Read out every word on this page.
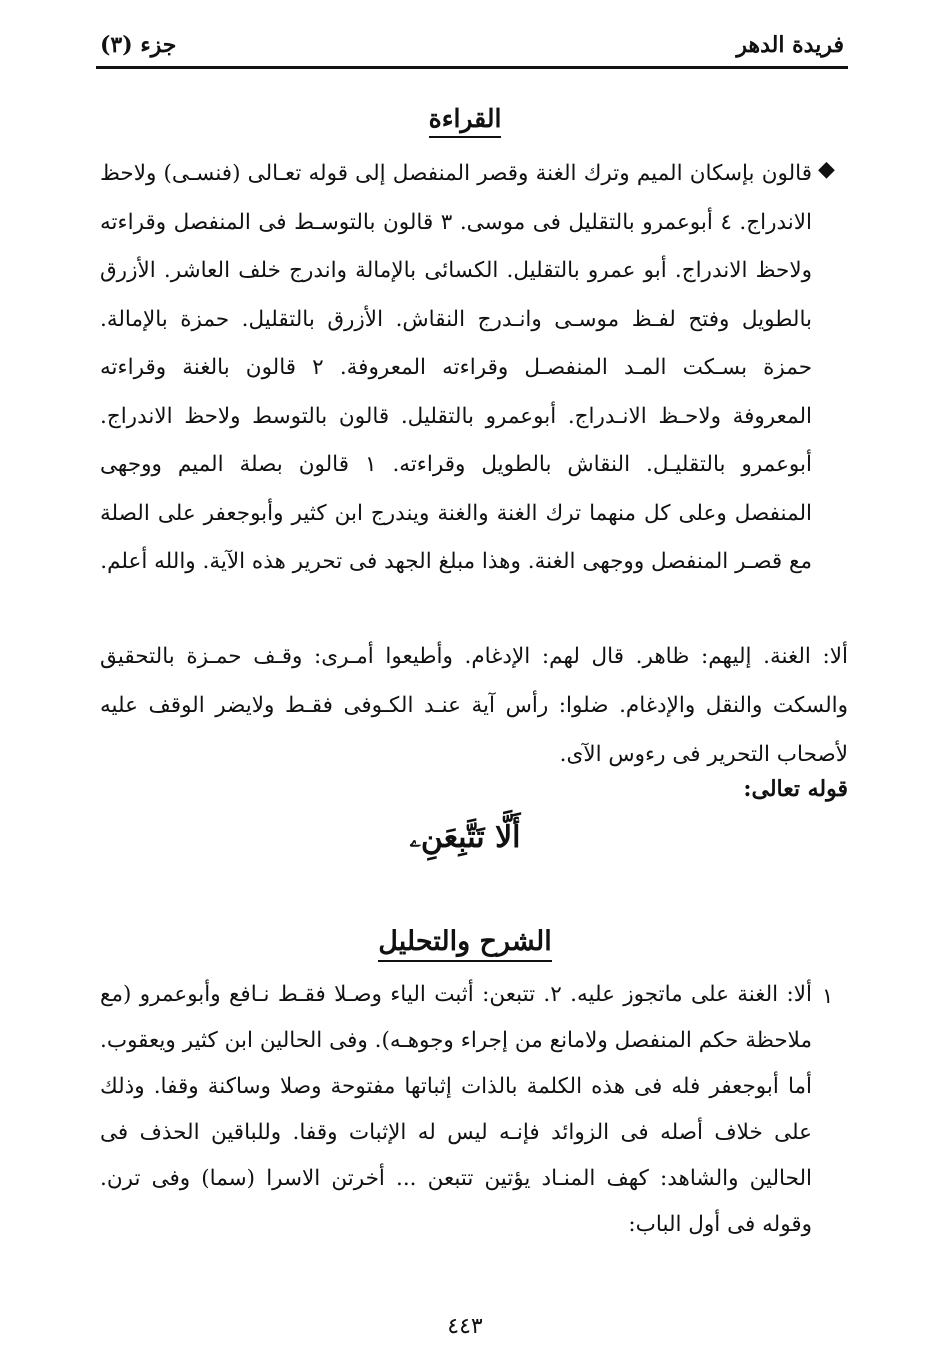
فريدة الدهر
جزء (٣)
القراءة
◆

قالون بإسكان الميم وترك الغنة وقصر المنفصل إلى قوله تعـالى (فنسـى) ولاحظ الاندراج. ٤ أبوعمرو بالتقليل فى موسى. ٣ قالون بالتوسـط فى المنفصل وقراءته ولاحظ الاندراج. أبو عمرو بالتقليل. الكسائى بالإمالة واندرج خلف العاشر. الأزرق بالطويل وفتح لفـظ موسـى وانـدرج النقاش. الأزرق بالتقليل. حمزة بالإمالة. حمزة بسـكت المـد المنفصـل وقراءته المعروفة. ٢ قالون بالغنة وقراءته المعروفة ولاحـظ الانـدراج. أبوعمرو بالتقليل. قالون بالتوسط ولاحظ الاندراج. أبوعمرو بالتقليـل. النقاش بالطويل وقراءته. ١ قالون بصلة الميم ووجهى المنفصل وعلى كل منهما ترك الغنة والغنة ويندرج ابن كثير وأبوجعفر على الصلة مع قصـر المنفصل ووجهى الغنة. وهذا مبلغ الجهد فى تحرير هذه الآية. والله أعلم.

ألا: الغنة. إليهم: ظاهر. قال لهم: الإدغام. وأطيعوا أمـرى: وقـف حمـزة بالتحقيق والسكت والنقل والإدغام. ضلوا: رأس آية عنـد الكـوفى فقـط ولايضر الوقف عليه لأصحاب التحرير فى رءوس الآى.

قوله تعالى:
أَلَّا تَتَّبِعَنِۦ
الشرح والتحليل
١

ألا: الغنة على ماتجوز عليه. ٢. تتبعن: أثبت الياء وصـلا فقـط نـافع وأبوعمرو (مع ملاحظة حكم المنفصل ولامانع من إجراء وجوهـه). وفى الحالين ابن كثير ويعقوب. أما أبوجعفر فله فى هذه الكلمة بالذات إثباتها مفتوحة وصلا وساكنة وقفا. وذلك على خلاف أصله فى الزوائد فإنـه ليس له الإثبات وقفا. وللباقين الحذف فى الحالين والشاهد: كهف المنـاد يؤتين تتبعن ... أخرتن الاسرا (سما) وفى ترن. وقوله فى أول الباب:

٤٤٣
